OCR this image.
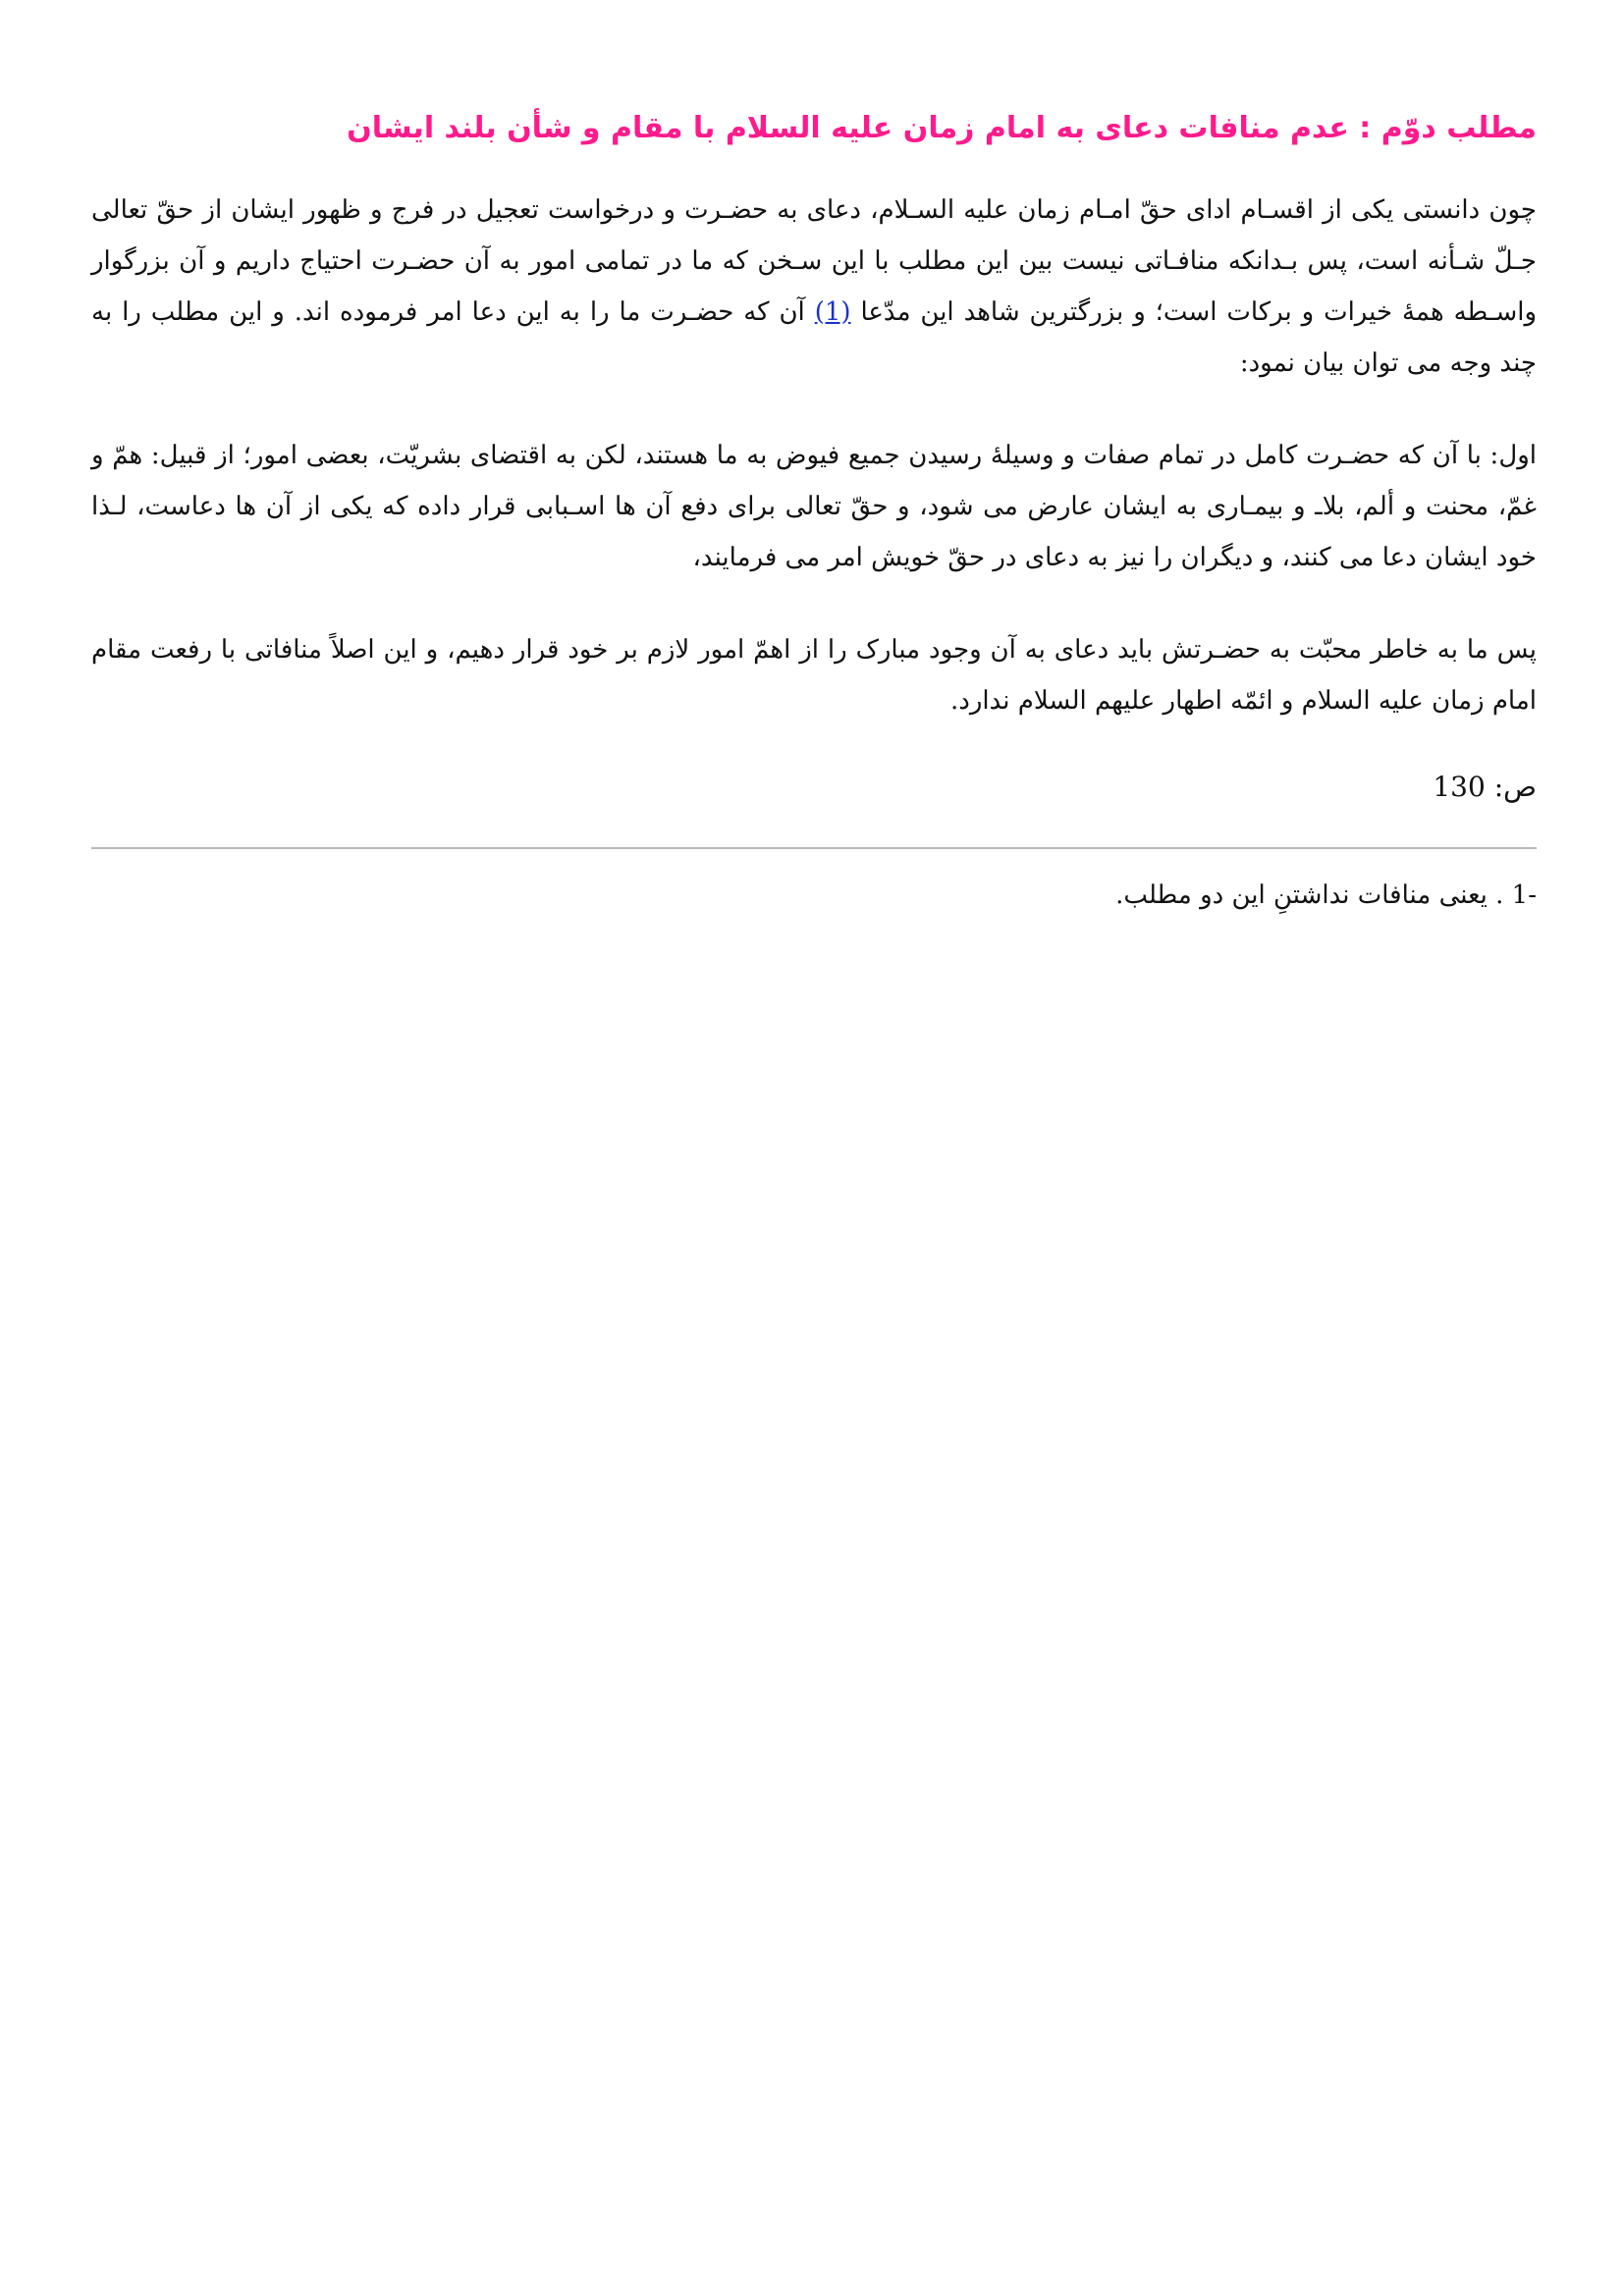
مطلب دوّم : عدم منافات دعای به امام زمان علیه السلام با مقام و شأن بلند ایشان

چون دانستی یکی از اقسـام ادای حقّ امـام زمان علیه السـلام، دعای به حضـرت و درخواست تعجیل در فرج و ظهور ایشان از حقّ تعالی جـلّ شـأنه است، پس بـدانکه منافـاتی نیست بین این مطلب با این سـخن که ما در تمامی امور به آن حضـرت احتیاج داریم و آن بزرگوار واسـطه همهٔ خیرات و برکات است؛ و بزرگترین شاهد این مدّعا (1) آن که حضـرت ما را به این دعا امر فرموده اند. و این مطلب را به چند وجه می توان بیان نمود:

اول: با آن که حضـرت کامل در تمام صفات و وسیلهٔ رسیدن جمیع فیوض به ما هستند، لکن به اقتضای بشریّت، بعضی امور؛ از قبیل: همّ و غمّ، محنت و ألم، بلاـ و بیمـاری به ایشان عارض می شود، و حقّ تعالی برای دفع آن ها اسـبابی قرار داده که یکی از آن ها دعاست، لـذا خود ایشان دعا می کنند، و دیگران را نیز به دعای در حقّ خویش امر می فرمایند،

پس ما به خاطر محبّت به حضـرتش باید دعای به آن وجود مبارک را از اهمّ امور لازم بر خود قرار دهیم، و این اصلاً منافاتی با رفعت مقام امام زمان علیه السلام و ائمّه اطهار علیهم السلام ندارد.

ص: 130

1- . یعنی منافات نداشتنِ این دو مطلب.
